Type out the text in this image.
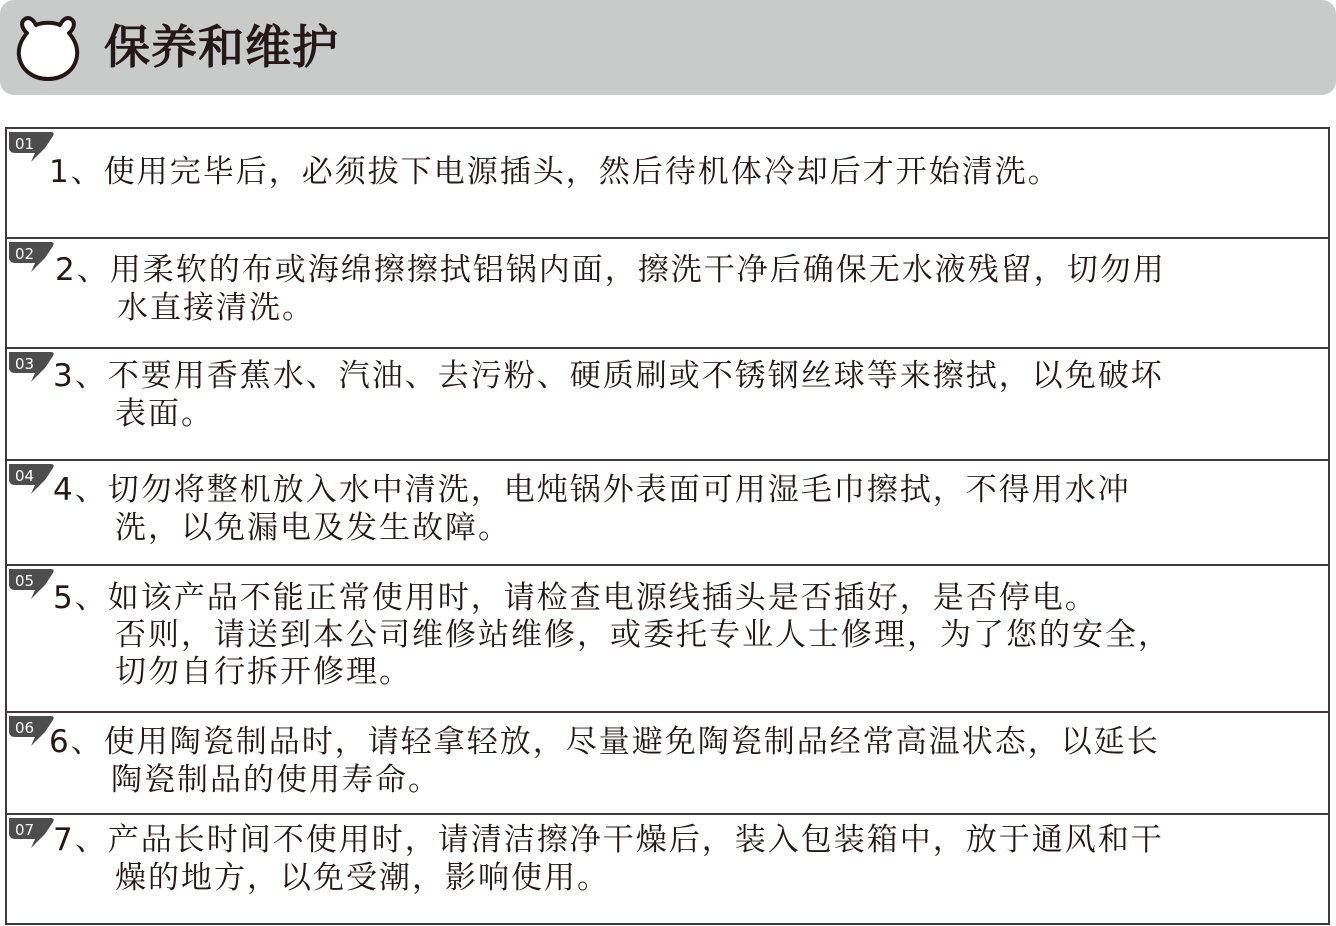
保养和维护
01

1、使用完毕后，必须拔下电源插头，然后待机体冷却后才开始清洗。

02 2、用柔软的布或海绵擦擦拭铝锅内面，擦洗干净后确保无水液残留，切勿用
水直接清洗。

03 3、不要用香蕉水、汽油、去污粉、硬质刷或不锈钢丝球等来擦拭，以免破坏
表面。

04 4、切勿将整机放入水中清洗，电炖锅外表面可用湿毛巾擦拭，不得用水冲
洗，以免漏电及发生故障。

05 5、如该产品不能正常使用时，请检查电源线插头是否插好，是否停电。
否则，请送到本公司维修站维修，或委托专业人士修理，为了您的安全，
切勿自行拆开修理。

06 6、使用陶瓷制品时，请轻拿轻放，尽量避免陶瓷制品经常高温状态，以延长
陶瓷制品的使用寿命。

07 7、产品长时间不使用时，请清洁擦净干燥后，装入包装箱中，放于通风和干
燥的地方，以免受潮，影响使用。
